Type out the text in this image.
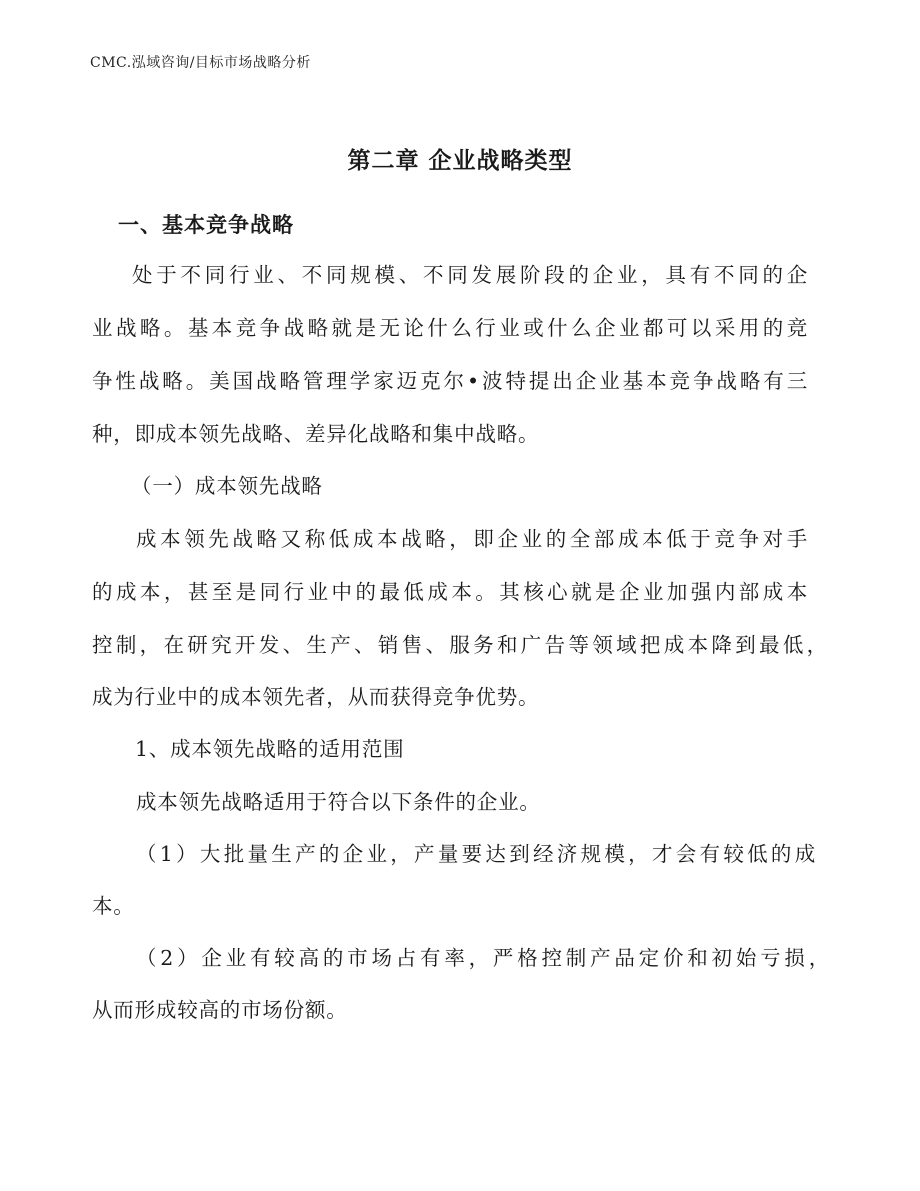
CMC.泓域咨询/目标市场战略分析
第二章 企业战略类型
一、基本竞争战略
处于不同行业、不同规模、不同发展阶段的企业，具有不同的企
业战略。基本竞争战略就是无论什么行业或什么企业都可以采用的竞
争性战略。美国战略管理学家迈克尔•波特提出企业基本竞争战略有三
种，即成本领先战略、差异化战略和集中战略。
（一）成本领先战略
成本领先战略又称低成本战略，即企业的全部成本低于竞争对手
的成本，甚至是同行业中的最低成本。其核心就是企业加强内部成本
控制，在研究开发、生产、销售、服务和广告等领域把成本降到最低，
成为行业中的成本领先者，从而获得竞争优势。
1、成本领先战略的适用范围
成本领先战略适用于符合以下条件的企业。
（1）大批量生产的企业，产量要达到经济规模，才会有较低的成
本。
（2）企业有较高的市场占有率，严格控制产品定价和初始亏损，
从而形成较高的市场份额。
